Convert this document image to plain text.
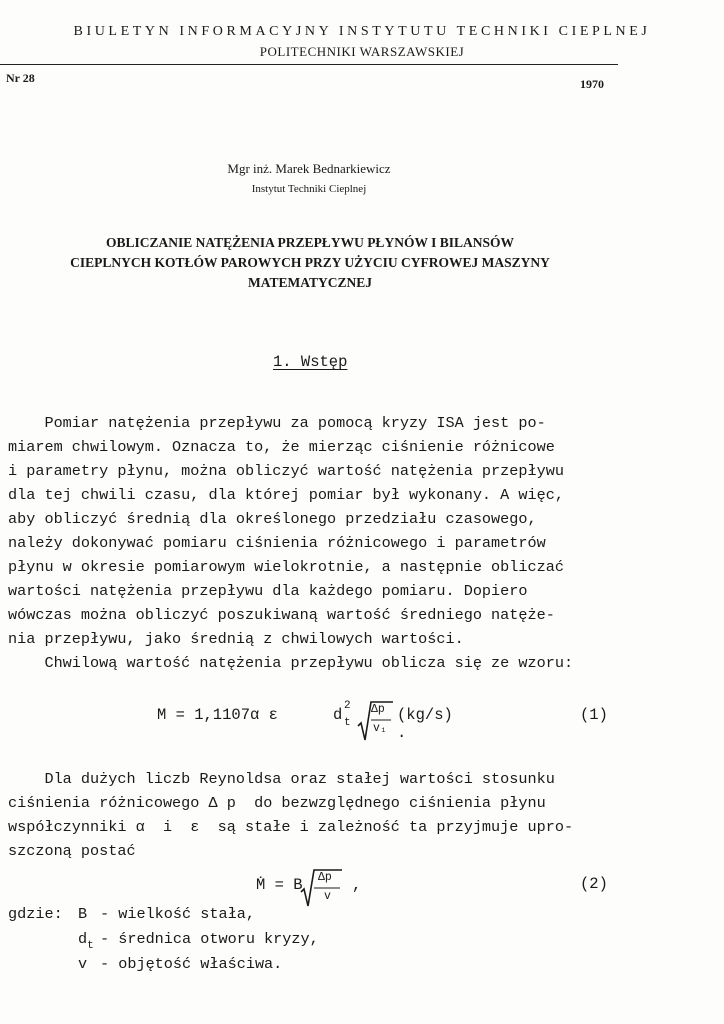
BIULETYN INFORMACYJNY INSTYTUTU TECHNIKI CIEPLNEJ
POLITECHNIKI WARSZAWSKIEJ
Nr 28	1970
Mgr inż. Marek Bednarkiewicz
Instytut Techniki Cieplnej
OBLICZANIE NATĘŻENIA PRZEPŁYWU PŁYNÓW I BILANSÓW
CIEPLNYCH KOTŁÓW PAROWYCH PRZY UŻYCIU CYFROWEJ MASZYNY
MATEMATYCZNEJ
1. Wstęp
Pomiar natężenia przepływu za pomocą kryzy ISA jest po-
miarem chwilowym. Oznacza to, że mierząc ciśnienie różnicowe
i parametry płynu, można obliczyć wartość natężenia przepływu
dla tej chwili czasu, dla której pomiar był wykonany. A więc,
aby obliczyć średnią dla określonego przedziału czasowego,
należy dokonywać pomiaru ciśnienia różnicowego i parametrów
płynu w okresie pomiarowym wielokrotnie, a następnie obliczać
wartości natężenia przepływu dla każdego pomiaru. Dopiero
wówczas można obliczyć poszukiwaną wartość średniego natęże-
nia przepływu, jako średnią z chwilowych wartości.
Chwilową wartość natężenia przepływu oblicza się ze wzoru:
M = 1,1107α ε	d 2
t
Δp
v₁
(kg/s) .
(1)
Dla dużych liczb Reynoldsa oraz stałej wartości stosunku
ciśnienia różnicowego Δ p  do bezwzględnego ciśnienia płynu
współczynniki α  i  ε  są stałe i zależność ta przyjmuje upro-
szczoną postać
Ṁ = B Δp
v
,	(2)
gdzie: B - wielkość stała,
$d_t$ - średnica otworu kryzy,
v - objętość właściwa.
